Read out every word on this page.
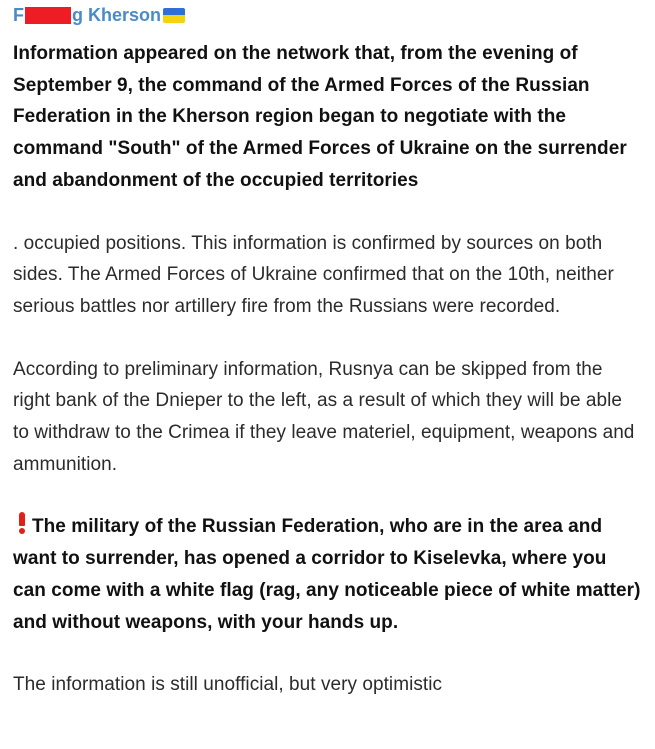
F	g Kherson

Information appeared on the network that, from the evening of September 9, the command of the Armed Forces of the Russian Federation in the Kherson region began to negotiate with the command "South" of the Armed Forces of Ukraine on the surrender and abandonment of the occupied territories

. occupied positions. This information is confirmed by sources on both sides. The Armed Forces of Ukraine confirmed that on the 10th, neither serious battles nor artillery fire from the Russians were recorded.

According to preliminary information, Rusnya can be skipped from the right bank of the Dnieper to the left, as a result of which they will be able to withdraw to the Crimea if they leave materiel, equipment, weapons and ammunition.

The military of the Russian Federation, who are in the area and want to surrender, has opened a corridor to Kiselevka, where you can come with a white flag (rag, any noticeable piece of white matter) and without weapons, with your hands up.

The information is still unofficial, but very optimistic
